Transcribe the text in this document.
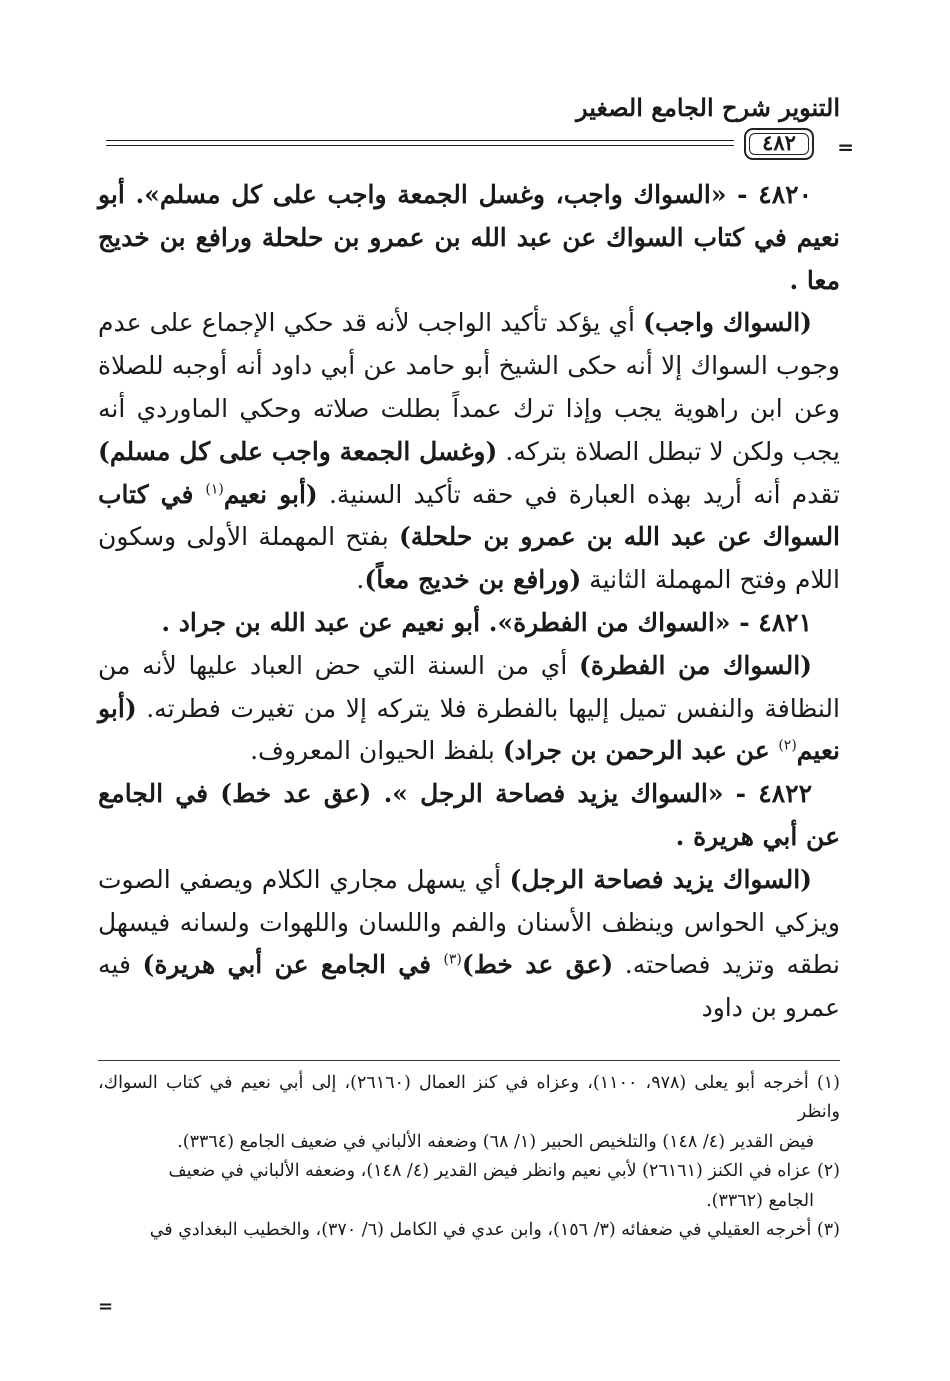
التنوير شرح الجامع الصغير
٤٨٢	=

٤٨٢٠ - «السواك واجب، وغسل الجمعة واجب على كل مسلم». أبو نعيم في كتاب السواك عن عبد الله بن عمرو بن حلحلة ورافع بن خديج معا .

(السواك واجب) أي يؤكد تأكيد الواجب لأنه قد حكي الإجماع على عدم وجوب السواك إلا أنه حكى الشيخ أبو حامد عن أبي داود أنه أوجبه للصلاة وعن ابن راهوية يجب وإذا ترك عمداً بطلت صلاته وحكي الماوردي أنه يجب ولكن لا تبطل الصلاة بتركه. (وغسل الجمعة واجب على كل مسلم) تقدم أنه أريد بهذه العبارة في حقه تأكيد السنية. (أبو نعيم$^{(١)}$ في كتاب السواك عن عبد الله بن عمرو بن حلحلة) بفتح المهملة الأولى وسكون اللام وفتح المهملة الثانية (ورافع بن خديج معاً).

٤٨٢١ - «السواك من الفطرة». أبو نعيم عن عبد الله بن جراد .

(السواك من الفطرة) أي من السنة التي حض العباد عليها لأنه من النظافة والنفس تميل إليها بالفطرة فلا يتركه إلا من تغيرت فطرته. (أبو نعيم$^{(٢)}$ عن عبد الرحمن بن جراد) بلفظ الحيوان المعروف.

٤٨٢٢ - «السواك يزيد فصاحة الرجل ». (عق عد خط) في الجامع عن أبي هريرة .

(السواك يزيد فصاحة الرجل) أي يسهل مجاري الكلام ويصفي الصوت ويزكي الحواس وينظف الأسنان والفم واللسان واللهوات ولسانه فيسهل نطقه وتزيد فصاحته. (عق عد خط)$^{(٣)}$ في الجامع عن أبي هريرة) فيه عمرو بن داود

(١) أخرجه أبو يعلى (٩٧٨، ١١٠٠)، وعزاه في كنز العمال (٢٦١٦٠)، إلى أبي نعيم في كتاب السواك، وانظر

فيض القدير (٤/ ١٤٨) والتلخيص الحبير (١/ ٦٨) وضعفه الألباني في ضعيف الجامع (٣٣٦٤).

(٢) عزاه في الكنز (٢٦١٦١) لأبي نعيم وانظر فيض القدير (٤/ ١٤٨)، وضعفه الألباني في ضعيف

الجامع (٣٣٦٢).

(٣) أخرجه العقيلي في ضعفائه (٣/ ١٥٦)، وابن عدي في الكامل (٦/ ٣٧٠)، والخطيب البغدادي في

=
